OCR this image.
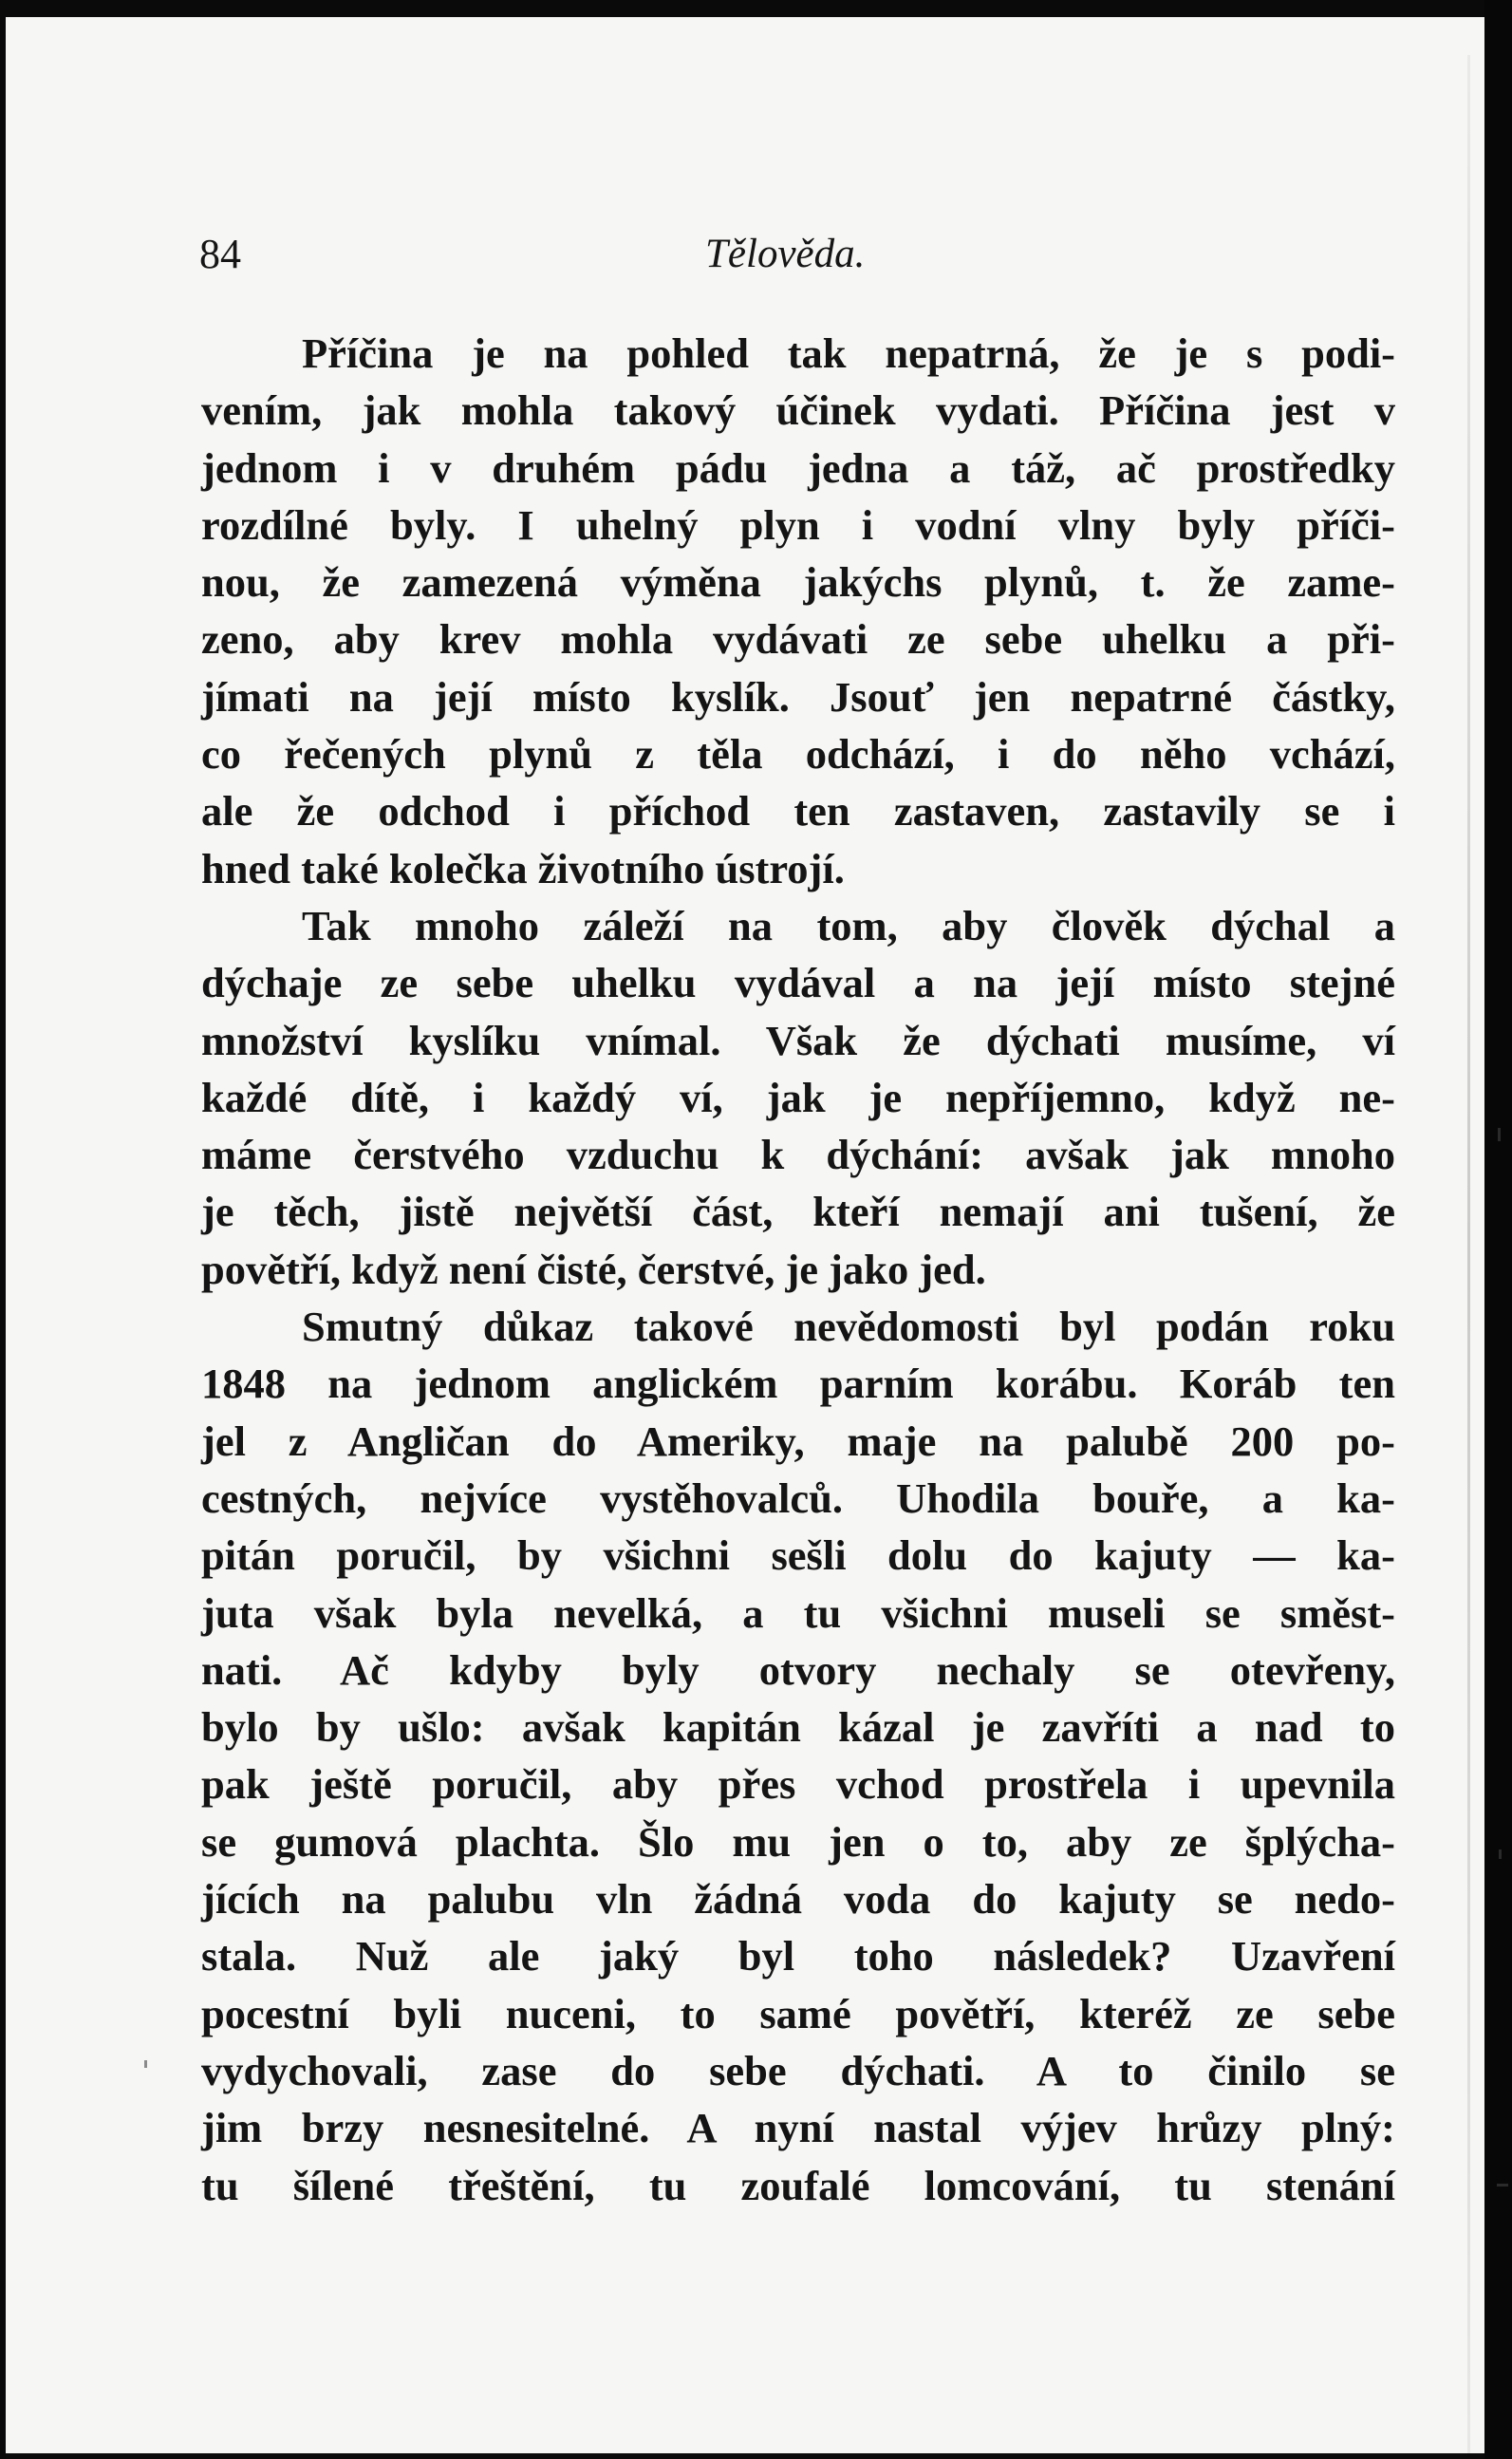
84	Tělověda.
Příčina je na pohled tak nepatrná, že je s podi-
vením, jak mohla takový účinek vydati. Příčina jest v
jednom i v druhém pádu jedna a táž, ač prostředky
rozdílné byly. I uhelný plyn i vodní vlny byly příči-
nou, že zamezená výměna jakýchs plynů, t. že zame-
zeno, aby krev mohla vydávati ze sebe uhelku a při-
jímati na její místo kyslík. Jsouť jen nepatrné částky,
co řečených plynů z těla odchází, i do něho vchází,
ale že odchod i příchod ten zastaven, zastavily se i
hned také kolečka životního ústrojí.
Tak mnoho záleží na tom, aby člověk dýchal a
dýchaje ze sebe uhelku vydával a na její místo stejné
množství kyslíku vnímal. Však že dýchati musíme, ví
každé dítě, i každý ví, jak je nepříjemno, když ne-
máme čerstvého vzduchu k dýchání: avšak jak mnoho
je těch, jistě největší část, kteří nemají ani tušení, že
povětří, když není čisté, čerstvé, je jako jed.
Smutný důkaz takové nevědomosti byl podán roku
1848 na jednom anglickém parním korábu. Koráb ten
jel z Angličan do Ameriky, maje na palubě 200 po-
cestných, nejvíce vystěhovalců. Uhodila bouře, a ka-
pitán poručil, by všichni sešli dolu do kajuty — ka-
juta však byla nevelká, a tu všichni museli se směst-
nati. Ač kdyby byly otvory nechaly se otevřeny,
bylo by ušlo: avšak kapitán kázal je zavříti a nad to
pak ještě poručil, aby přes vchod prostřela i upevnila
se gumová plachta. Šlo mu jen o to, aby ze šplýcha-
jících na palubu vln žádná voda do kajuty se nedo-
stala. Nuž ale jaký byl toho následek? Uzavření
pocestní byli nuceni, to samé povětří, kteréž ze sebe
vydychovali, zase do sebe dýchati. A to činilo se
jim brzy nesnesitelné. A nyní nastal výjev hrůzy plný:
tu šílené třeštění, tu zoufalé lomcování, tu stenání
